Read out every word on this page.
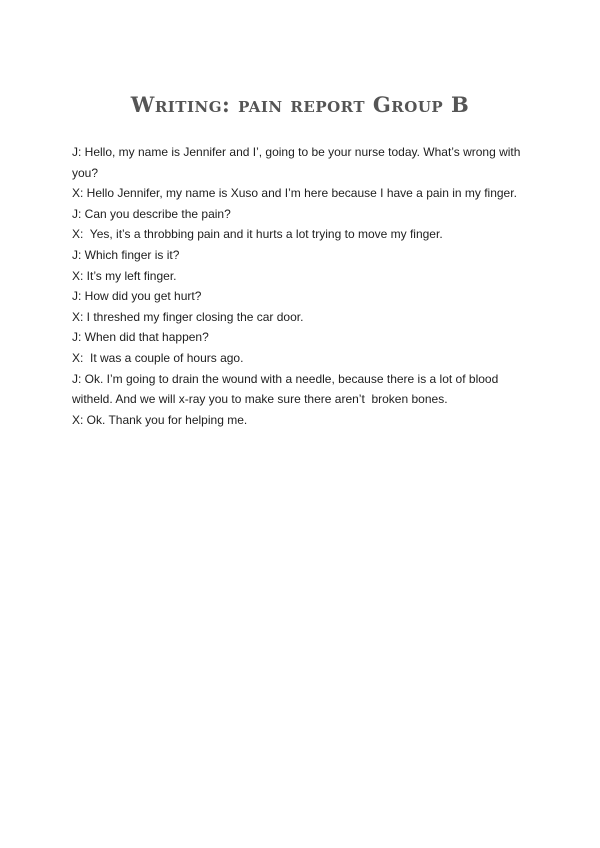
Writing: pain report Group B

J: Hello, my name is Jennifer and I’, going to be your nurse today. What’s wrong with you?

X: Hello Jennifer, my name is Xuso and I’m here because I have a pain in my finger.

J: Can you describe the pain?

X:  Yes, it’s a throbbing pain and it hurts a lot trying to move my finger.

J: Which finger is it?

X: It’s my left finger.

J: How did you get hurt?

X: I threshed my finger closing the car door.

J: When did that happen?

X:  It was a couple of hours ago.

J: Ok. I’m going to drain the wound with a needle, because there is a lot of blood witheld. And we will x-ray you to make sure there aren’t  broken bones.

X: Ok. Thank you for helping me.
